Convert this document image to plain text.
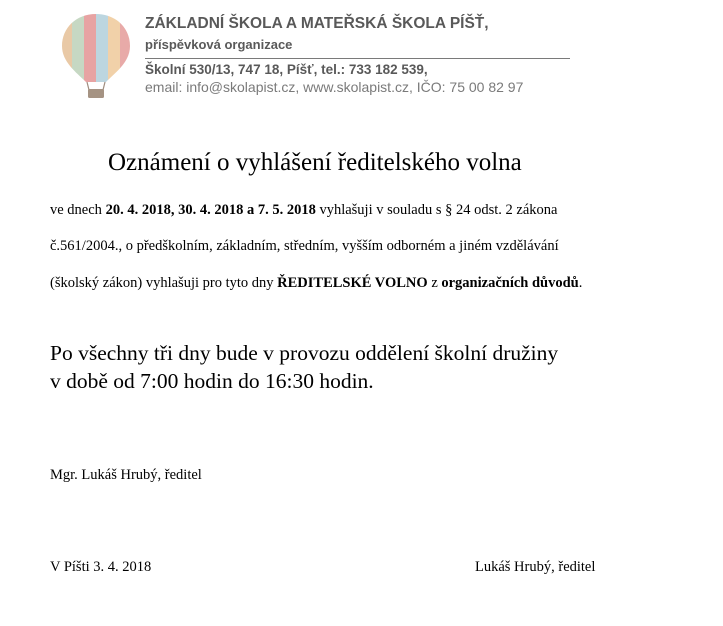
ZÁKLADNÍ ŠKOLA A MATEŘSKÁ ŠKOLA PÍŠŤ,
příspěvková organizace
Školní 530/13, 747 18, Píšť, tel.: 733 182 539,
email: info@skolapist.cz, www.skolapist.cz, IČO: 75 00 82 97
Oznámení o vyhlášení ředitelského volna
ve dnech 20. 4. 2018, 30. 4. 2018 a 7. 5. 2018 vyhlašuji v souladu s § 24 odst. 2 zákona
č.561/2004., o předškolním, základním, středním, vyšším odborném a jiném vzdělávání
(školský zákon) vyhlašuji pro tyto dny ŘEDITELSKÉ VOLNO z organizačních důvodů.
Po všechny tři dny bude v provozu oddělení školní družiny
v době od 7:00 hodin do 16:30 hodin.
Mgr. Lukáš Hrubý, ředitel
V Píšti 3. 4. 2018	Lukáš Hrubý, ředitel
